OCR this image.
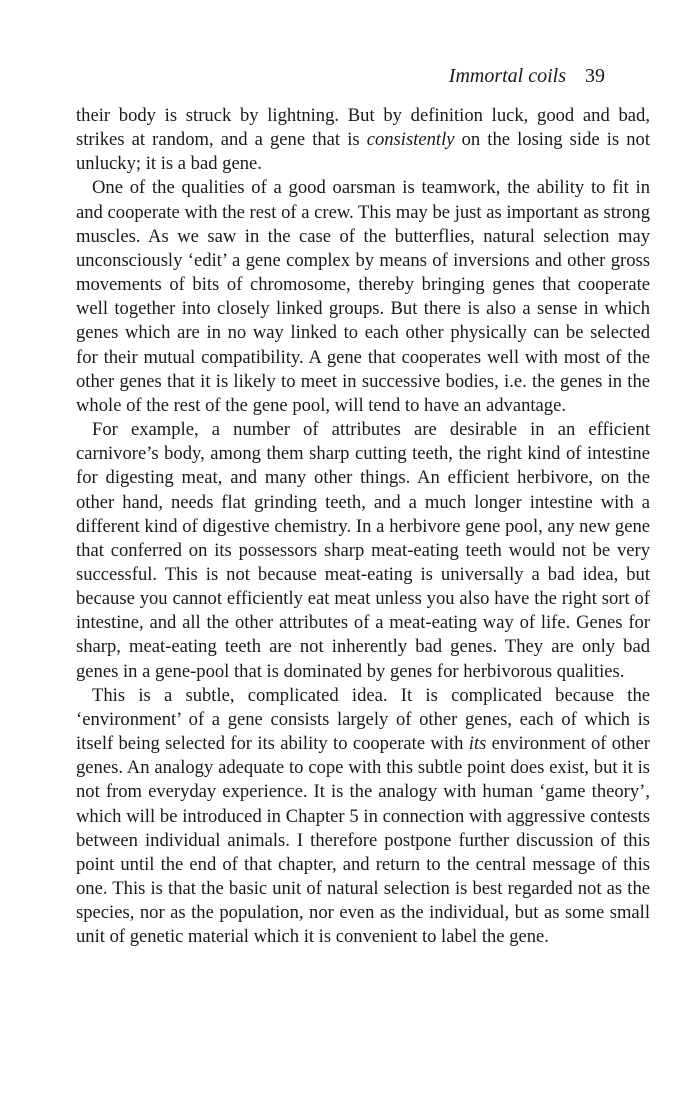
Immortal coils 39

their body is struck by lightning. But by definition luck, good and bad, strikes at random, and a gene that is consistently on the losing side is not unlucky; it is a bad gene.

One of the qualities of a good oarsman is teamwork, the ability to fit in and cooperate with the rest of a crew. This may be just as important as strong muscles. As we saw in the case of the butterflies, natural selection may unconsciously ‘edit’ a gene complex by means of inversions and other gross movements of bits of chromosome, thereby bringing genes that cooperate well together into closely linked groups. But there is also a sense in which genes which are in no way linked to each other physically can be selected for their mutual compatibility. A gene that cooperates well with most of the other genes that it is likely to meet in successive bodies, i.e. the genes in the whole of the rest of the gene pool, will tend to have an advantage.

For example, a number of attributes are desirable in an efficient carnivore’s body, among them sharp cutting teeth, the right kind of intestine for digesting meat, and many other things. An efficient herbivore, on the other hand, needs flat grinding teeth, and a much longer intestine with a different kind of digestive chemistry. In a herbivore gene pool, any new gene that conferred on its possessors sharp meat-eating teeth would not be very successful. This is not because meat-eating is universally a bad idea, but because you cannot efficiently eat meat unless you also have the right sort of intestine, and all the other attributes of a meat-eating way of life. Genes for sharp, meat-eating teeth are not inherently bad genes. They are only bad genes in a gene-pool that is dominated by genes for herbivorous qualities.

This is a subtle, complicated idea. It is complicated because the ‘environment’ of a gene consists largely of other genes, each of which is itself being selected for its ability to cooperate with its environment of other genes. An analogy adequate to cope with this subtle point does exist, but it is not from everyday experience. It is the analogy with human ‘game theory’, which will be introduced in Chapter 5 in connection with aggressive contests between individual animals. I therefore postpone further discussion of this point until the end of that chapter, and return to the central message of this one. This is that the basic unit of natural selection is best regarded not as the species, nor as the population, nor even as the individual, but as some small unit of genetic material which it is convenient to label the gene.
